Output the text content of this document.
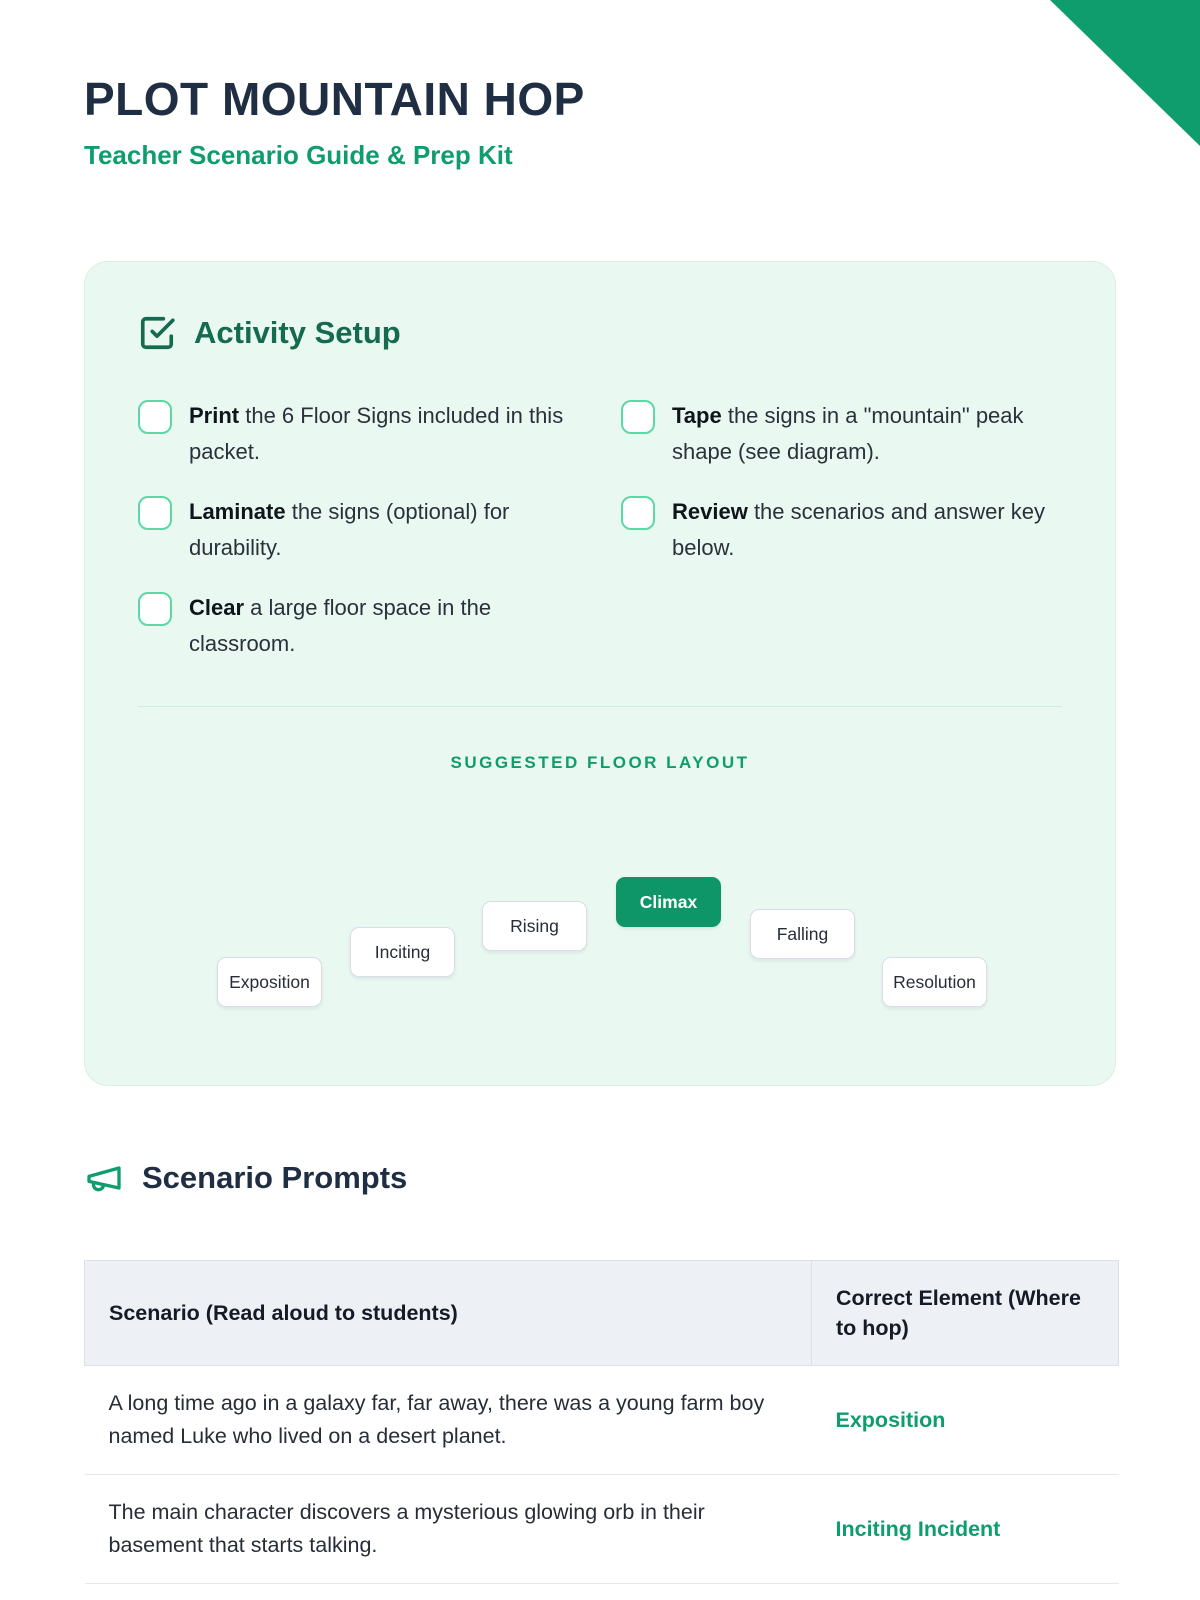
PLOT MOUNTAIN HOP

Teacher Scenario Guide & Prep Kit

Activity Setup

Print the 6 Floor Signs included in this packet.

Tape the signs in a "mountain" peak shape (see diagram).

Laminate the signs (optional) for durability.

Review the scenarios and answer key below.

Clear a large floor space in the classroom.

SUGGESTED FLOOR LAYOUT
Exposition
Inciting
Rising
Climax
Falling
Resolution
Scenario Prompts
Scenario (Read aloud to students)	Correct Element (Where to hop)
A long time ago in a galaxy far, far away, there was a young farm boy named Luke who lived on a desert planet.	Exposition
The main character discovers a mysterious glowing orb in their basement that starts talking.	Inciting Incident
